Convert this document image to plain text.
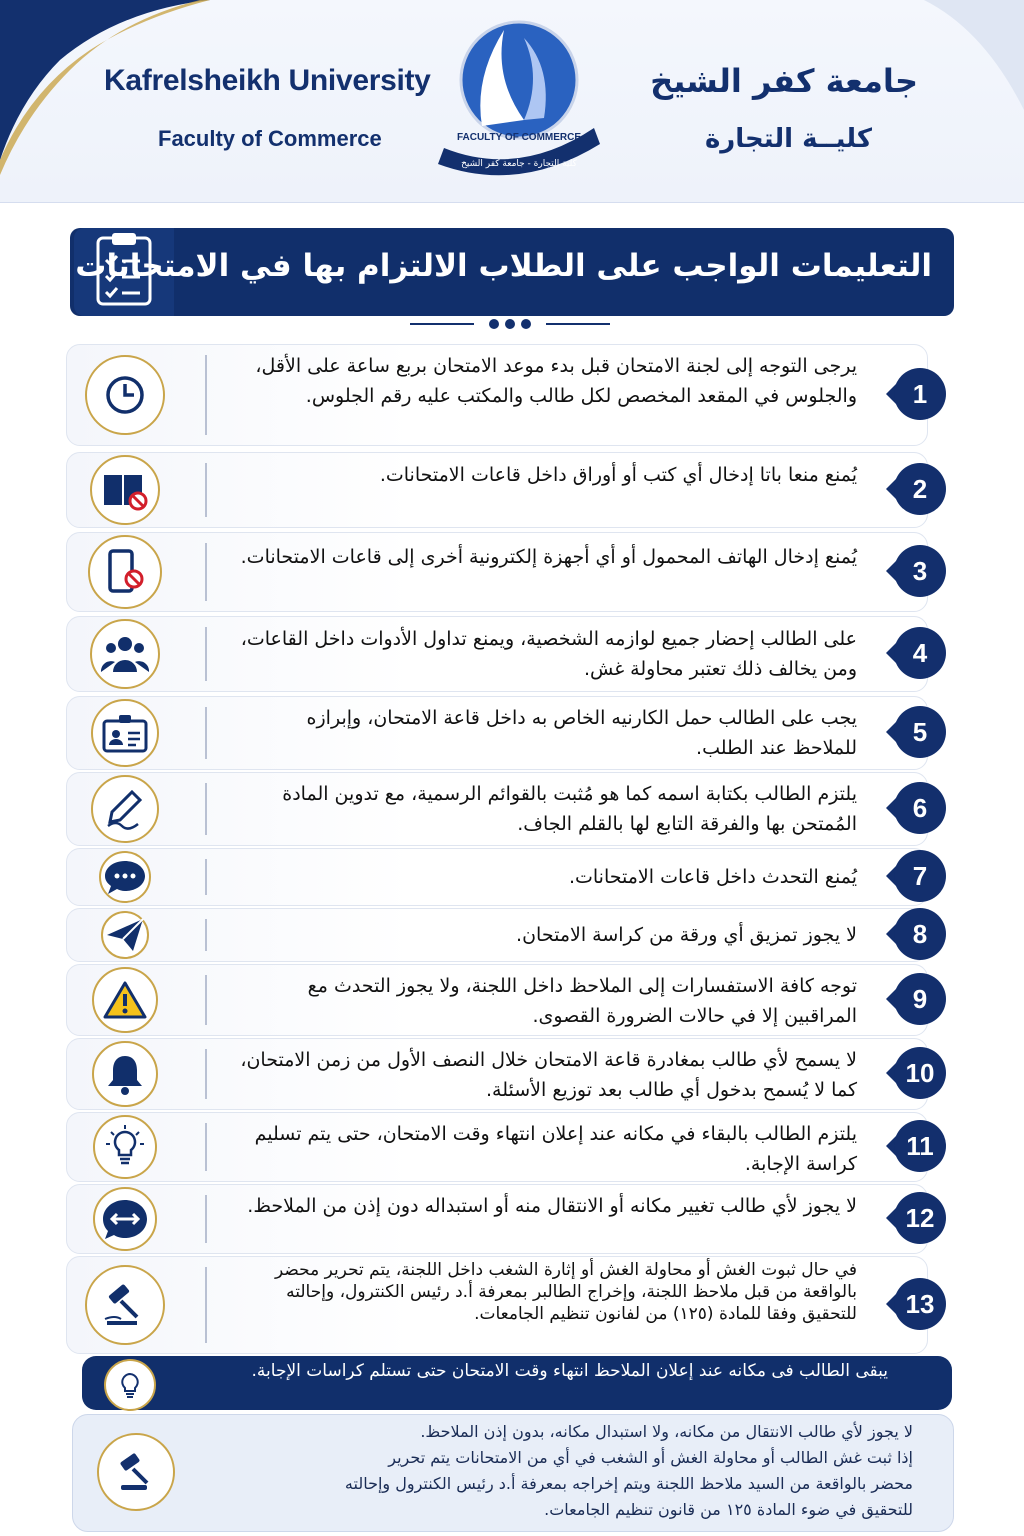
Kafrelsheikh University
Faculty of Commerce
جامعة كفر الشيخ
كليــة التجارة
FACULTY OF COMMERCE
كلية التجارة - جامعة كفر الشيخ
التعليمات الواجب على الطلاب الالتزام بها في الامتحانات
يرجى التوجه إلى لجنة الامتحان قبل بدء موعد الامتحان بربع ساعة على الأقل، والجلوس في المقعد المخصص لكل طالب والمكتب عليه رقم الجلوس.	1
يُمنع منعا باتا إدخال أي كتب أو أوراق داخل قاعات الامتحانات.	2
يُمنع إدخال الهاتف المحمول أو أي أجهزة إلكترونية أخرى إلى قاعات الامتحانات.	3
على الطالب إحضار جميع لوازمه الشخصية، ويمنع تداول الأدوات داخل القاعات، ومن يخالف ذلك تعتبر محاولة غش.
4
يجب على الطالب حمل الكارنيه الخاص به داخل قاعة الامتحان، وإبرازه للملاحظ عند الطلب.
5
يلتزم الطالب بكتابة اسمه كما هو مُثبت بالقوائم الرسمية، مع تدوين المادة المُمتحن بها والفرقة التابع لها بالقلم الجاف.
6
يُمنع التحدث داخل قاعات الامتحانات.	7
لا يجوز تمزيق أي ورقة من كراسة الامتحان.	8
توجه كافة الاستفسارات إلى الملاحظ داخل اللجنة، ولا يجوز التحدث مع المراقبين إلا في حالات الضرورة القصوى.
9
لا يسمح لأي طالب بمغادرة قاعة الامتحان خلال النصف الأول من زمن الامتحان، كما لا يُسمح بدخول أي طالب بعد توزيع الأسئلة.
10
يلتزم الطالب بالبقاء في مكانه عند إعلان انتهاء وقت الامتحان، حتى يتم تسليم كراسة الإجابة.
11
لا يجوز لأي طالب تغيير مكانه أو الانتقال منه أو استبداله دون إذن من الملاحظ.	12
في حال ثبوت الغش أو محاولة الغش أو إثارة الشغب داخل اللجنة، يتم تحرير محضر بالواقعة من قبل ملاحظ اللجنة، وإخراج الطالبر بمعرفة أ.د رئيس الكنترول، وإحالته للتحقيق وفقا للمادة (١٢٥) من لفانون تنظيم الجامعات.	13
يبقى الطالب فى مكانه عند إعلان الملاحظ انتهاء وقت الامتحان حتى تستلم كراسات الإجابة.
لا يجوز لأي طالب الانتقال من مكانه، ولا استبدال مكانه، بدون إذن الملاحظ.
إذا ثبت غش الطالب أو محاولة الغش أو الشغب في أي من الامتحانات يتم تحرير
محضر بالواقعة من السيد ملاحظ اللجنة ويتم إخراجه بمعرفة أ.د رئيس الكنترول وإحالته
للتحقيق في ضوء المادة ١٢٥ من قانون تنظيم الجامعات.
